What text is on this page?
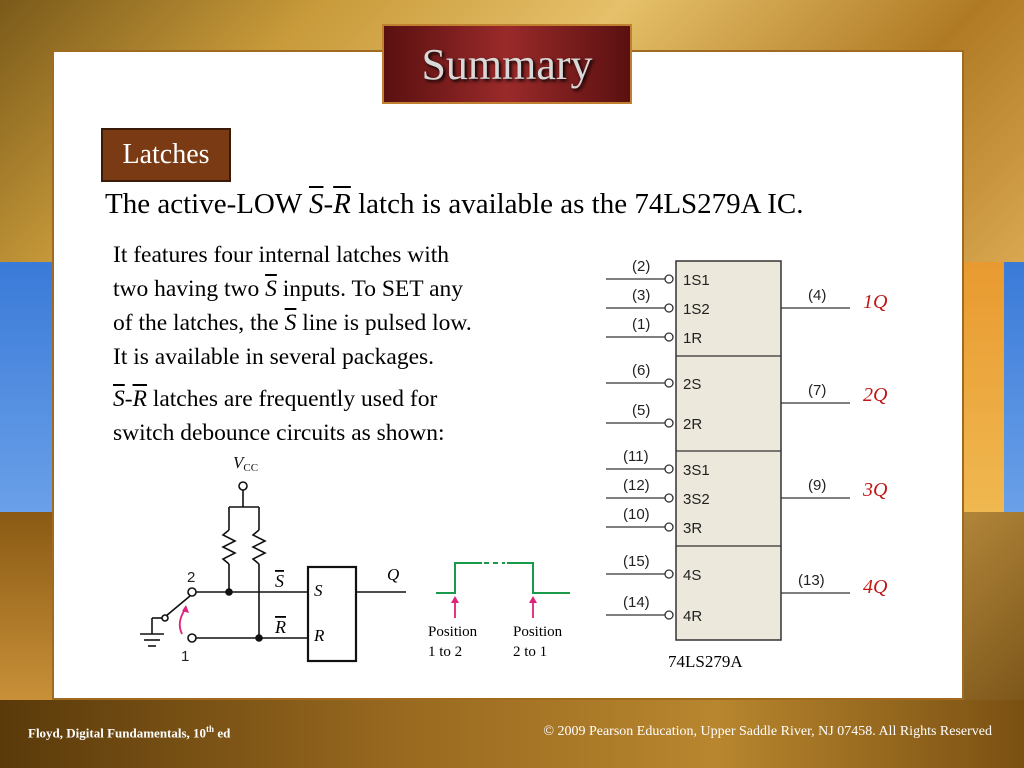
Summary
Latches
The active-LOW $\overline{S}-\overline{R}$ latch is available as the 74LS279A IC.
It features four internal latches with
two having two $\overline{S}$ inputs. To SET any
of the latches, the $\overline{S}$ line is pulsed low.
It is available in several packages.
$\overline{S}-\overline{R}$ latches are frequently used for
switch debounce circuits as shown:
VCC
2
1
S
R
S
R
Q
Position
1 to 2
Position
2 to 1
(2)
(3)
(1)
(6)
(5)
(11)
(12)
(10)
(15)
(14)
1S1
1S2
1R
2S
2R
3S1
3S2
3R
4S
4R
(4)
(7)
(9)
(13)
1Q
2Q
3Q
4Q
74LS279A
Floyd, Digital Fundamentals, 10th ed	© 2009 Pearson Education, Upper Saddle River, NJ 07458. All Rights Reserved
